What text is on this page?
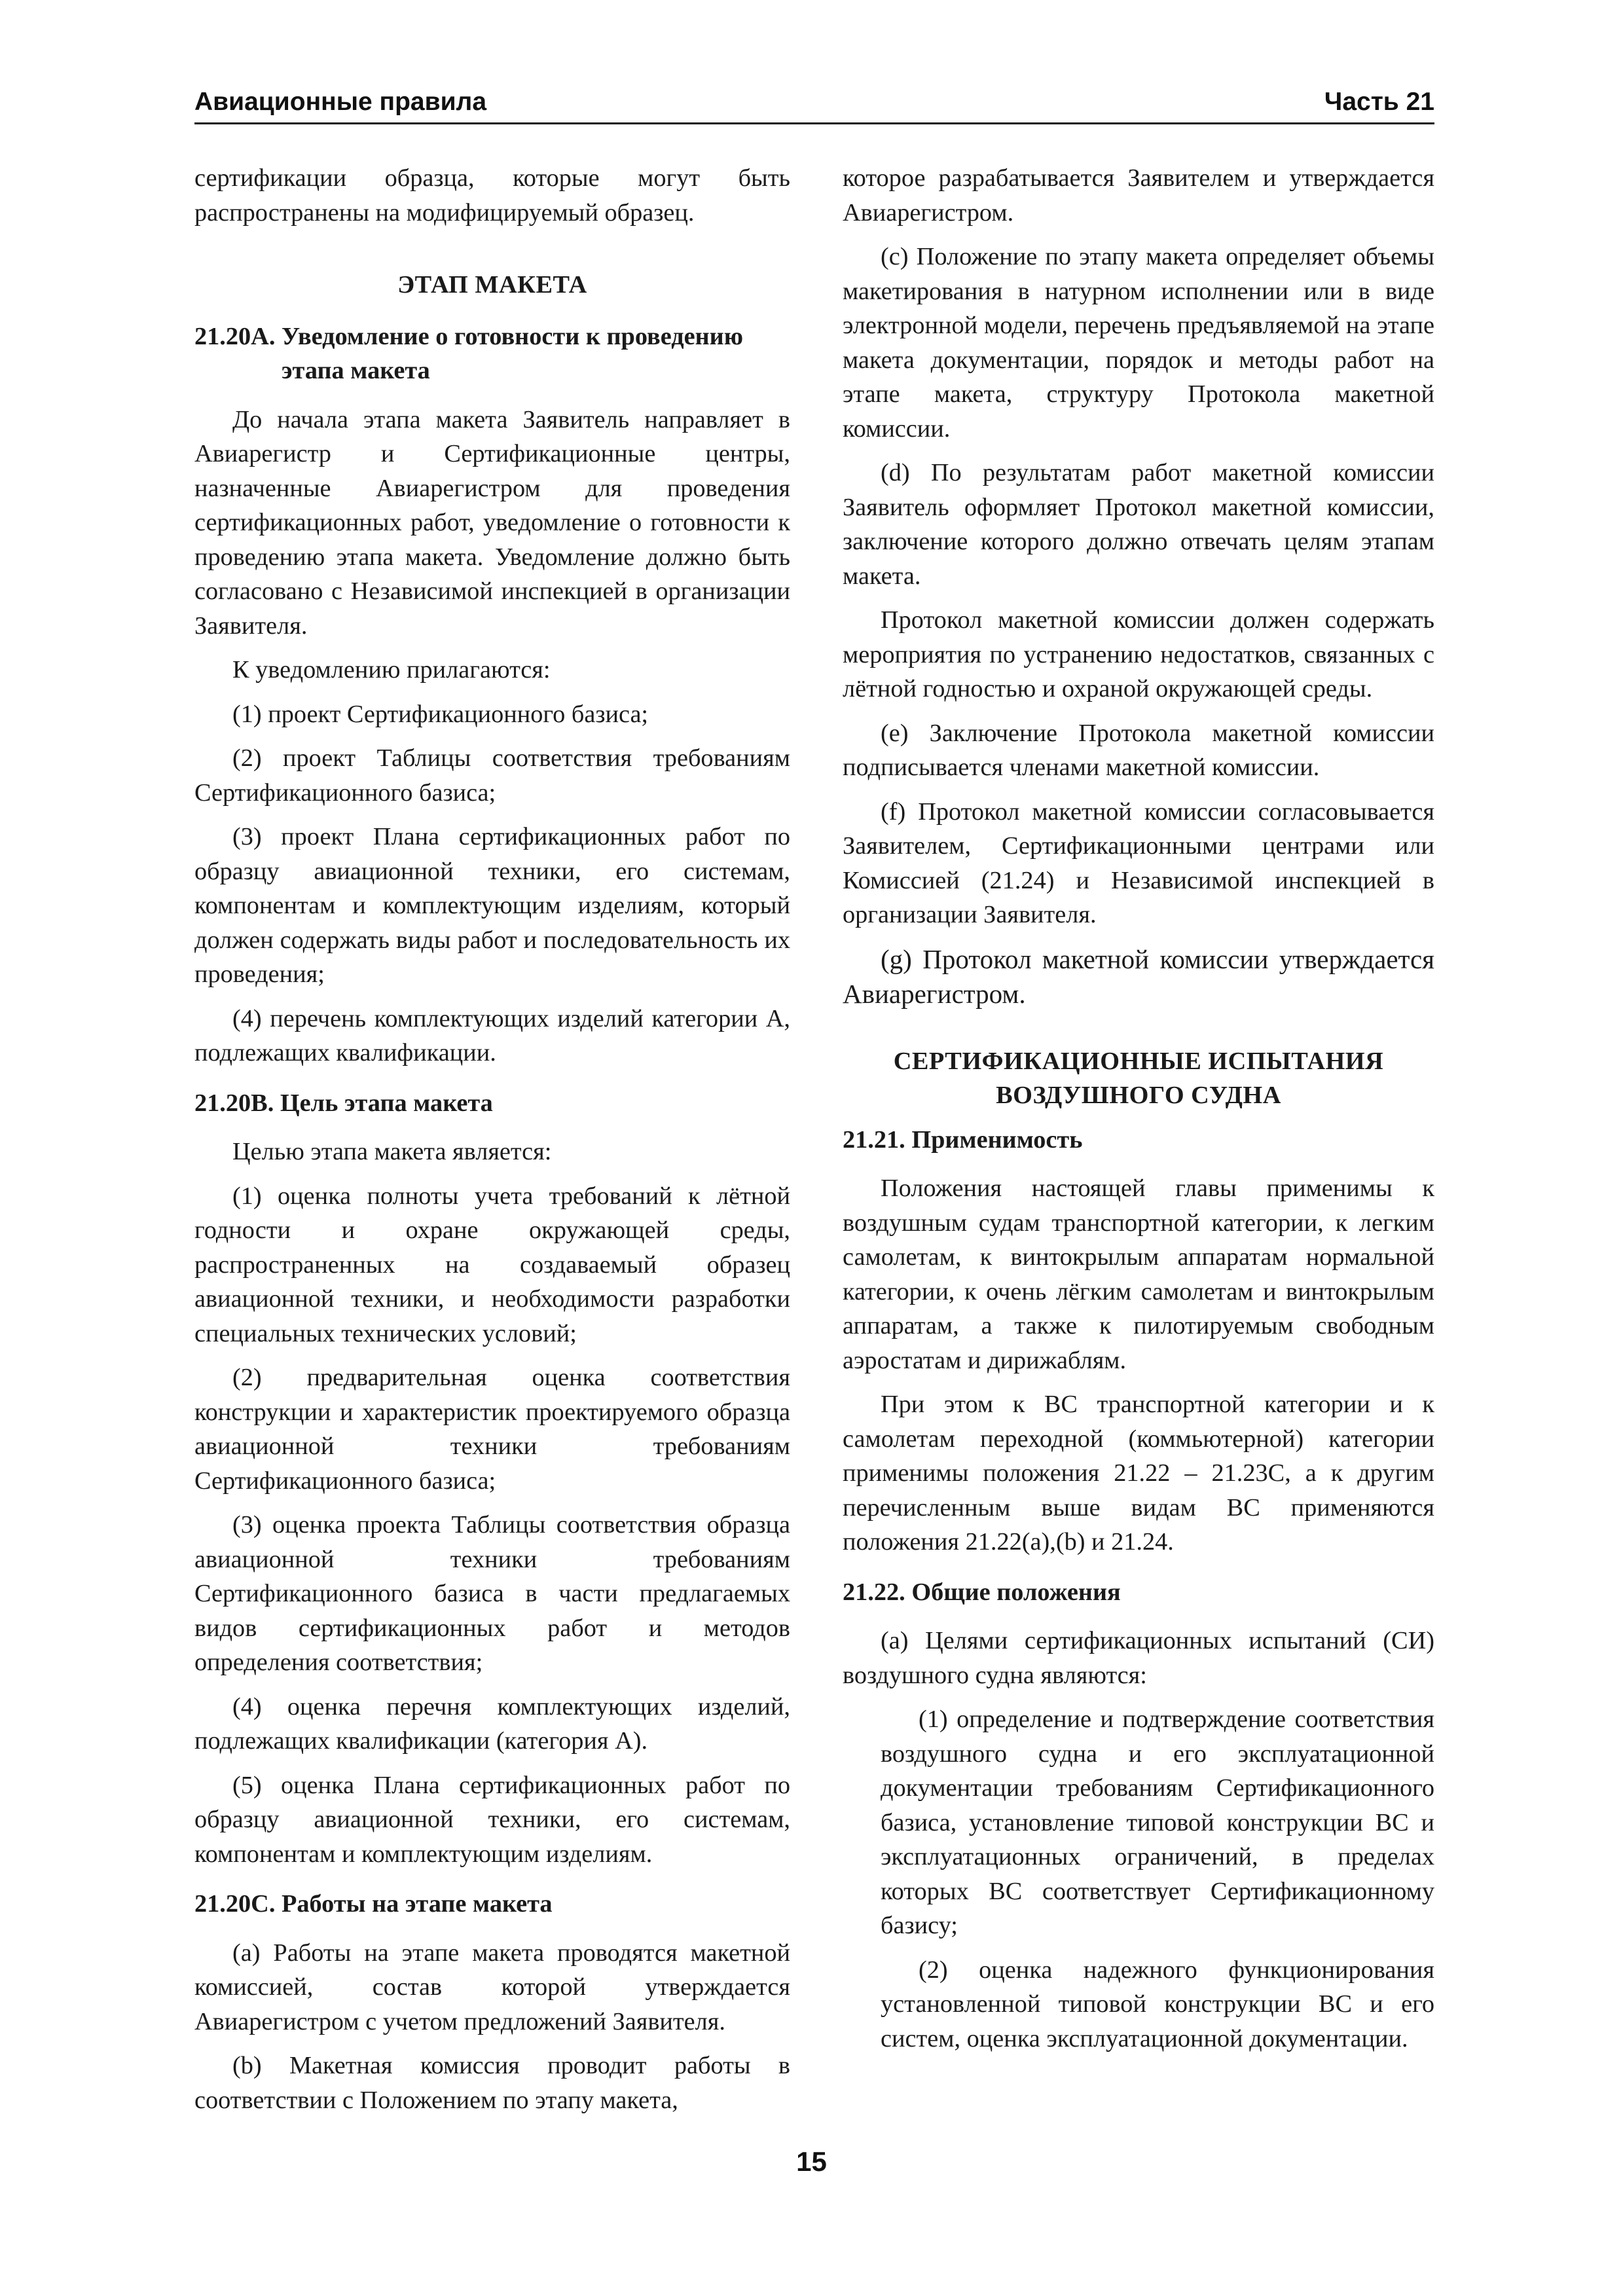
Авиационные правила	Часть 21

сертификации образца, которые могут быть распространены на модифицируемый образец.

ЭТАП МАКЕТА
21.20А. Уведомление о готовности к проведению этапа макета

До начала этапа макета Заявитель направляет в Авиарегистр и Сертификационные центры, назначенные Авиарегистром для проведения сертификационных работ, уведомление о готовности к проведению этапа макета. Уведомление должно быть согласовано с Независимой инспекцией в организации Заявителя.

К уведомлению прилагаются:

(1) проект Сертификационного базиса;

(2) проект Таблицы соответствия требованиям Сертификационного базиса;

(3) проект Плана сертификационных работ по образцу авиационной техники, его системам, компонентам и комплектующим изделиям, который должен содержать виды работ и последовательность их проведения;

(4) перечень комплектующих изделий категории А, подлежащих квалификации.

21.20В. Цель этапа макета

Целью этапа макета является:

(1) оценка полноты учета требований к лётной годности и охране окружающей среды, распространенных на создаваемый образец авиационной техники, и необходимости разработки специальных технических условий;

(2) предварительная оценка соответствия конструкции и характеристик проектируемого образца авиационной техники требованиям Сертификационного базиса;

(3) оценка проекта Таблицы соответствия образца авиационной техники требованиям Сертификационного базиса в части предлагаемых видов сертификационных работ и методов определения соответствия;

(4) оценка перечня комплектующих изделий, подлежащих квалификации (категория А).

(5) оценка Плана сертификационных работ по образцу авиационной техники, его системам, компонентам и комплектующим изделиям.

21.20С. Работы на этапе макета

(а) Работы на этапе макета проводятся макетной комиссией, состав которой утверждается Авиарегистром с учетом предложений Заявителя.

(b) Макетная комиссия проводит работы в соответствии с Положением по этапу макета,

которое разрабатывается Заявителем и утверждается Авиарегистром.

(с) Положение по этапу макета определяет объемы макетирования в натурном исполнении или в виде электронной модели, перечень предъявляемой на этапе макета документации, порядок и методы работ на этапе макета, структуру Протокола макетной комиссии.

(d) По результатам работ макетной комиссии Заявитель оформляет Протокол макетной комиссии, заключение которого должно отвечать целям этапам макета.

Протокол макетной комиссии должен содержать мероприятия по устранению недостатков, связанных с лётной годностью и охраной окружающей среды.

(е) Заключение Протокола макетной комиссии подписывается членами макетной комиссии.

(f) Протокол макетной комиссии согласовывается Заявителем, Сертификационными центрами или Комиссией (21.24) и Независимой инспекцией в организации Заявителя.

(g) Протокол макетной комиссии утверждается Авиарегистром.

СЕРТИФИКАЦИОННЫЕ ИСПЫТАНИЯ
ВОЗДУШНОГО СУДНА
21.21. Применимость

Положения настоящей главы применимы к воздушным судам транспортной категории, к легким самолетам, к винтокрылым аппаратам нормальной категории, к очень лёгким самолетам и винтокрылым аппаратам, а также к пилотируемым свободным аэростатам и дирижаблям.

При этом к ВС транспортной категории и к самолетам переходной (коммьютерной) категории применимы положения 21.22 – 21.23С, а к другим перечисленным выше видам ВС применяются положения 21.22(а),(b) и 21.24.

21.22. Общие положения

(а) Целями сертификационных испытаний (СИ) воздушного судна являются:

(1) определение и подтверждение соответствия воздушного судна и его эксплуатационной документации требованиям Сертификационного базиса, установление типовой конструкции ВС и эксплуатационных ограничений, в пределах которых ВС соответствует Сертификационному базису;

(2) оценка надежного функционирования установленной типовой конструкции ВС и его систем, оценка эксплуатационной документации.

15
